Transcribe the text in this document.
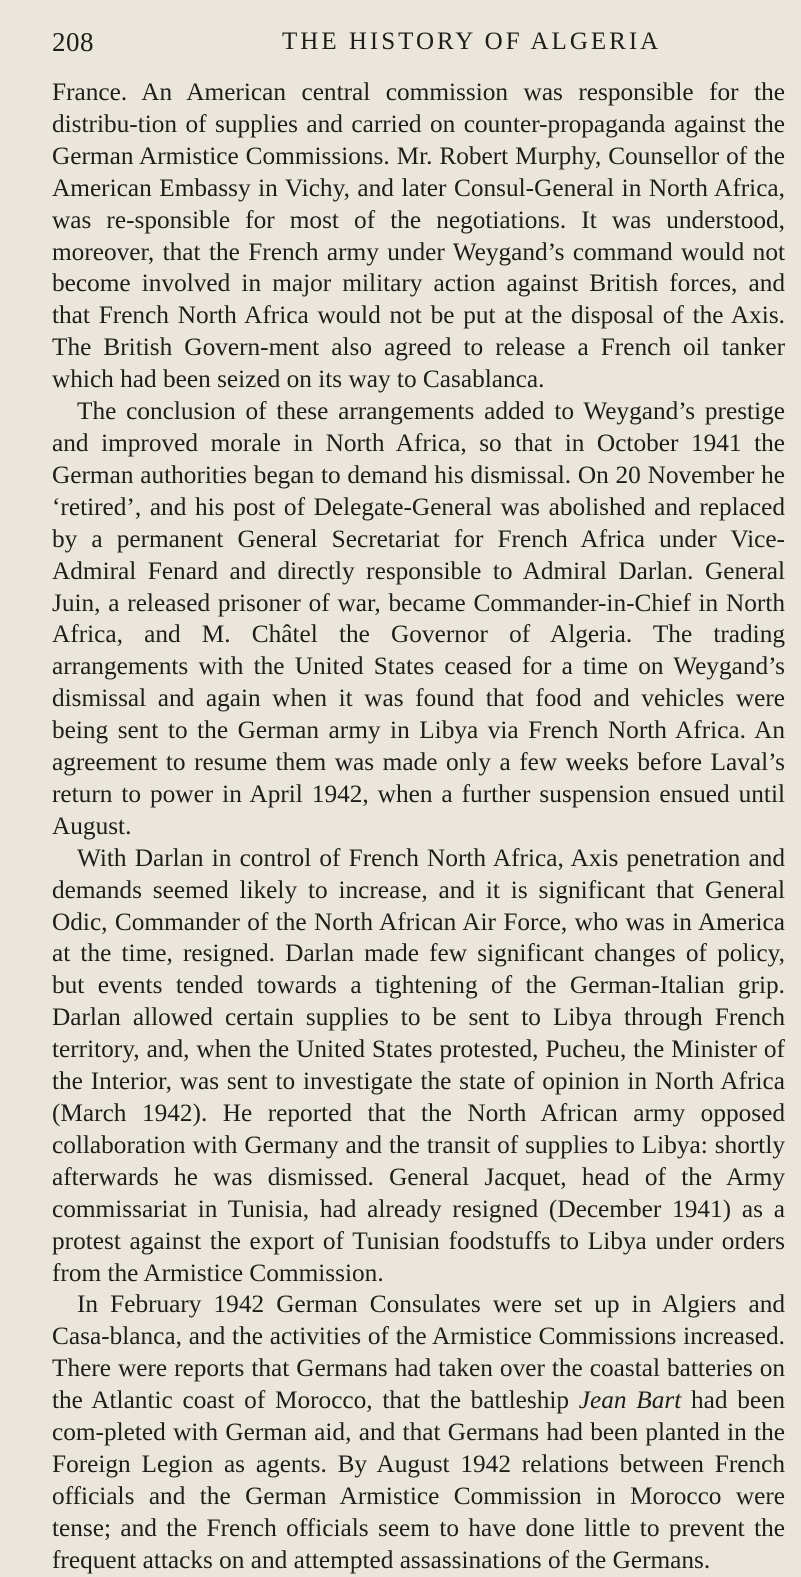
208	THE HISTORY OF ALGERIA

France. An American central commission was responsible for the distribu-tion of supplies and carried on counter-propaganda against the German Armistice Commissions. Mr. Robert Murphy, Counsellor of the American Embassy in Vichy, and later Consul-General in North Africa, was re-sponsible for most of the negotiations. It was understood, moreover, that the French army under Weygand’s command would not become involved in major military action against British forces, and that French North Africa would not be put at the disposal of the Axis. The British Govern-ment also agreed to release a French oil tanker which had been seized on its way to Casablanca.

The conclusion of these arrangements added to Weygand’s prestige and improved morale in North Africa, so that in October 1941 the German authorities began to demand his dismissal. On 20 November he ‘retired’, and his post of Delegate-General was abolished and replaced by a permanent General Secretariat for French Africa under Vice-Admiral Fenard and directly responsible to Admiral Darlan. General Juin, a released prisoner of war, became Commander-in-Chief in North Africa, and M. Châtel the Governor of Algeria. The trading arrangements with the United States ceased for a time on Weygand’s dismissal and again when it was found that food and vehicles were being sent to the German army in Libya via French North Africa. An agreement to resume them was made only a few weeks before Laval’s return to power in April 1942, when a further suspension ensued until August.

With Darlan in control of French North Africa, Axis penetration and demands seemed likely to increase, and it is significant that General Odic, Commander of the North African Air Force, who was in America at the time, resigned. Darlan made few significant changes of policy, but events tended towards a tightening of the German-Italian grip. Darlan allowed certain supplies to be sent to Libya through French territory, and, when the United States protested, Pucheu, the Minister of the Interior, was sent to investigate the state of opinion in North Africa (March 1942). He reported that the North African army opposed collaboration with Germany and the transit of supplies to Libya: shortly afterwards he was dismissed. General Jacquet, head of the Army commissariat in Tunisia, had already resigned (December 1941) as a protest against the export of Tunisian foodstuffs to Libya under orders from the Armistice Commission.

In February 1942 German Consulates were set up in Algiers and Casa-blanca, and the activities of the Armistice Commissions increased. There were reports that Germans had taken over the coastal batteries on the Atlantic coast of Morocco, that the battleship Jean Bart had been com-pleted with German aid, and that Germans had been planted in the Foreign Legion as agents. By August 1942 relations between French officials and the German Armistice Commission in Morocco were tense; and the French officials seem to have done little to prevent the frequent attacks on and attempted assassinations of the Germans.
